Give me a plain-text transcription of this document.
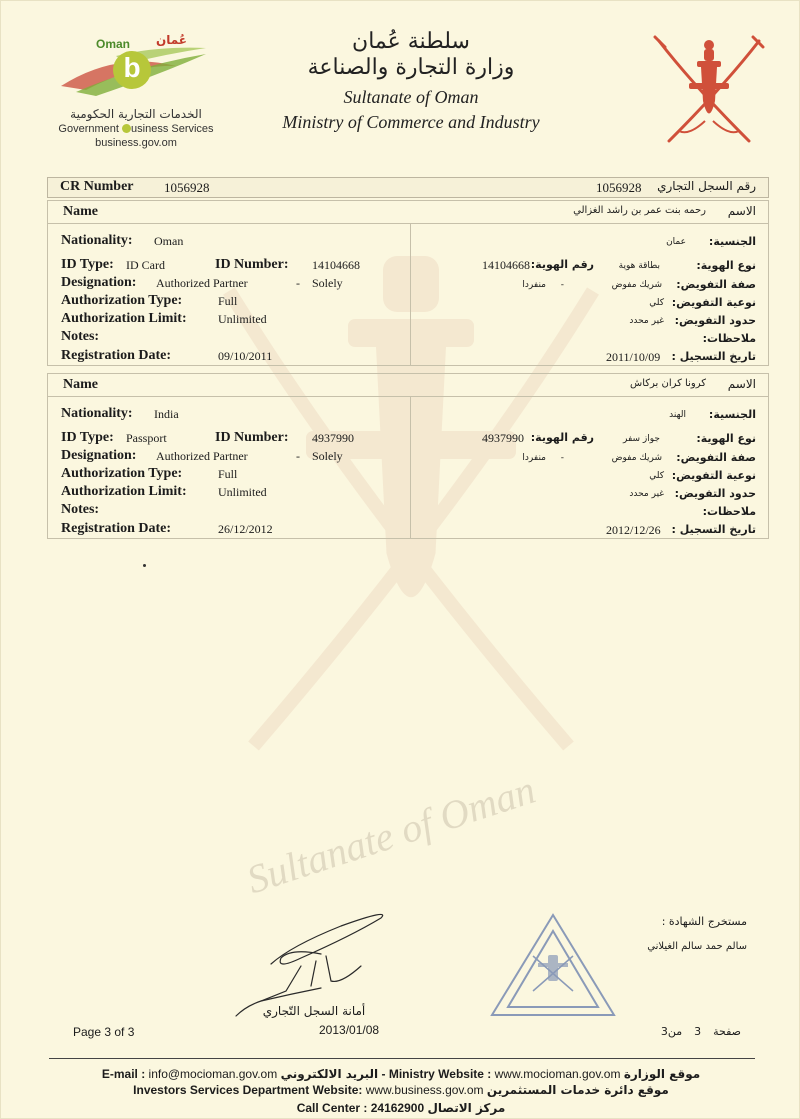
Oman عُمان
b
الخدمات التجارية الحكومية
Government usiness Services
business.gov.om
سلطنة عُمان
وزارة التجارة والصناعة
Sultanate of Oman
Ministry of Commerce and Industry
Sultanate of Oman
CR Number 1056928	1056928 رقم السجل التجاري
Name	رحمه بنت عمر بن راشد الغزالي الاسم
Nationality: Oman	عمان الجنسية:
ID Type: ID Card	ID Number: 14104668	14104668 رقم الهوية:	بطاقة هوية	نوع الهوية:
Designation: Authorized Partner	- Solely	منفردا -	شريك مفوض صفة التفويض:
Authorization Type:	Full	كلي نوعية التفويض:
Authorization Limit:	Unlimited	غير محدد حدود التفويض:
Notes:	ملاحظات:
Registration Date:	09/10/2011	2011/10/09 تاريخ التسجيل :
Name	كرونا كران بركاش الاسم
Nationality: India	الهند الجنسية:
ID Type: Passport	ID Number: 4937990	4937990 رقم الهوية:	جواز سفر	نوع الهوية:
Designation: Authorized Partner	- Solely	منفردا -	شريك مفوض صفة التفويض:
Authorization Type:	Full	كلي نوعية التفويض:
Authorization Limit:	Unlimited	غير محدد حدود التفويض:
Notes:	ملاحظات:
Registration Date:	26/12/2012	2012/12/26 تاريخ التسجيل :
مستخرج الشهادة :
سالم حمد سالم الغيلاني
أمانة السجل التّجاري
2013/01/08
Page 3 of 3	صفحة3من3
E-mail : info@mocioman.gov.om البريد الالكتروني - Ministry Website : www.mocioman.gov.om موقع الوزارة
Investors Services Department Website: www.business.gov.om موقع دائرة خدمات المستثمرين
Call Center : 24162900 مركز الاتصال
